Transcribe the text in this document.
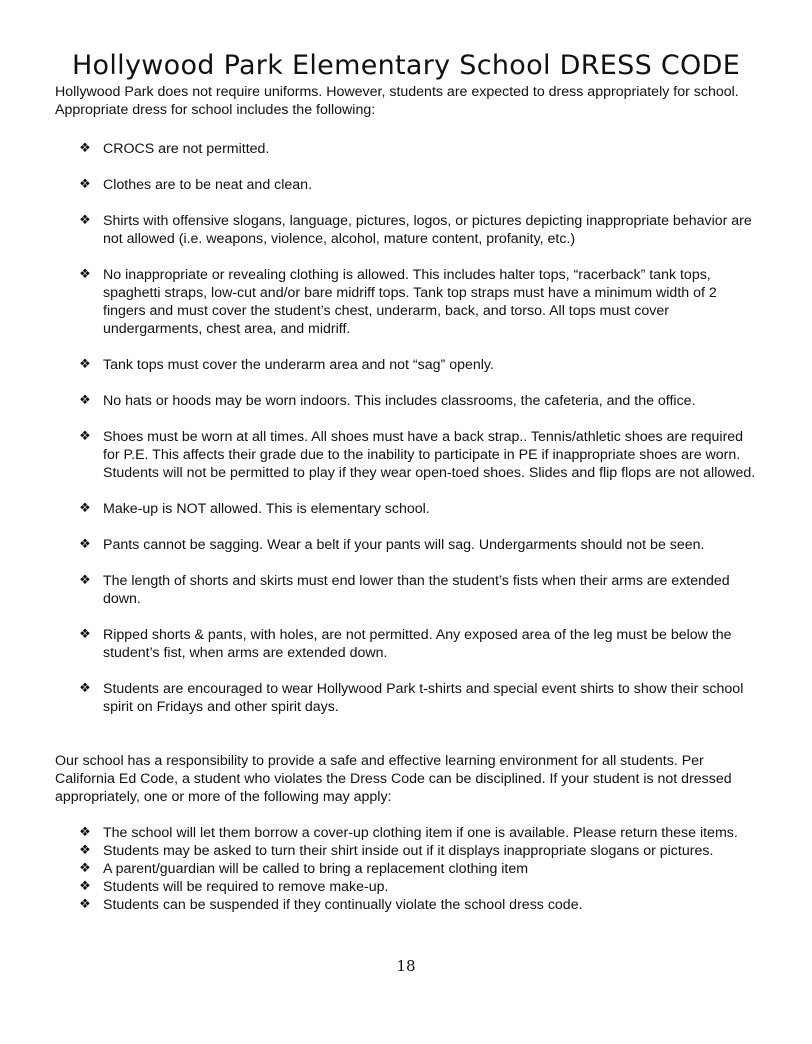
Hollywood Park Elementary School DRESS CODE
Hollywood Park does not require uniforms. However, students are expected to dress appropriately for school. Appropriate dress for school includes the following:
❖ CROCS are not permitted.
❖ Clothes are to be neat and clean.
❖ Shirts with offensive slogans, language, pictures, logos, or pictures depicting inappropriate behavior are not allowed (i.e. weapons, violence, alcohol, mature content, profanity, etc.)
❖ No inappropriate or revealing clothing is allowed. This includes halter tops, “racerback” tank tops, spaghetti straps, low-cut and/or bare midriff tops. Tank top straps must have a minimum width of 2 fingers and must cover the student’s chest, underarm, back, and torso. All tops must cover undergarments, chest area, and midriff.
❖ Tank tops must cover the underarm area and not “sag” openly.
❖ No hats or hoods may be worn indoors. This includes classrooms, the cafeteria, and the office.
❖ Shoes must be worn at all times. All shoes must have a back strap.. Tennis/athletic shoes are required for P.E. This affects their grade due to the inability to participate in PE if inappropriate shoes are worn. Students will not be permitted to play if they wear open-toed shoes. Slides and flip flops are not allowed.
❖ Make-up is NOT allowed. This is elementary school.
❖ Pants cannot be sagging. Wear a belt if your pants will sag. Undergarments should not be seen.
❖ The length of shorts and skirts must end lower than the student’s fists when their arms are extended down.
❖ Ripped shorts & pants, with holes, are not permitted. Any exposed area of the leg must be below the student’s fist, when arms are extended down.
❖ Students are encouraged to wear Hollywood Park t-shirts and special event shirts to show their school spirit on Fridays and other spirit days.
Our school has a responsibility to provide a safe and effective learning environment for all students. Per California Ed Code, a student who violates the Dress Code can be disciplined. If your student is not dressed appropriately, one or more of the following may apply:
❖ The school will let them borrow a cover-up clothing item if one is available. Please return these items.
❖ Students may be asked to turn their shirt inside out if it displays inappropriate slogans or pictures.
❖ A parent/guardian will be called to bring a replacement clothing item
❖ Students will be required to remove make-up.
❖ Students can be suspended if they continually violate the school dress code.
18
